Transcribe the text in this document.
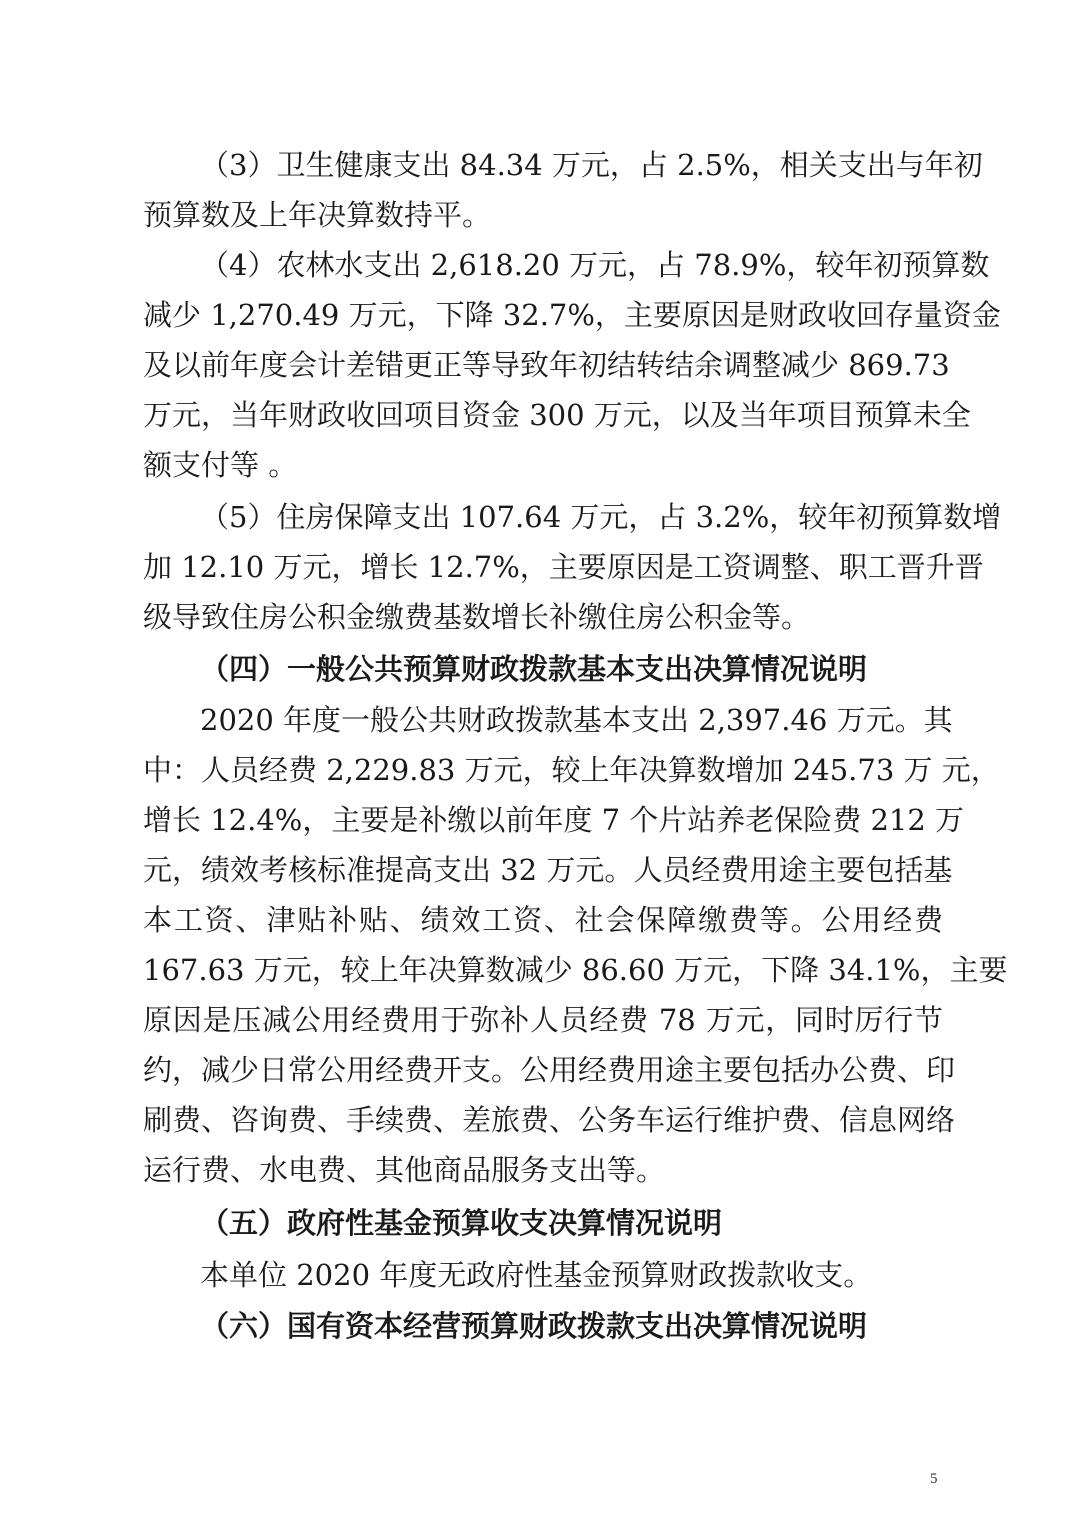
（3）卫生健康支出 84.34 万元，占 2.5%，相关支出与年初
预算数及上年决算数持平。
（4）农林水支出 2,618.20 万元，占 78.9%，较年初预算数
减少 1,270.49 万元，下降 32.7%，主要原因是财政收回存量资金
及以前年度会计差错更正等导致年初结转结余调整减少 869.73
万元，当年财政收回项目资金 300 万元，以及当年项目预算未全
额支付等 。
（5）住房保障支出 107.64 万元，占 3.2%，较年初预算数增
加 12.10 万元，增长 12.7%，主要原因是工资调整、职工晋升晋
级导致住房公积金缴费基数增长补缴住房公积金等。
（四）一般公共预算财政拨款基本支出决算情况说明
2020 年度一般公共财政拨款基本支出 2,397.46 万元。其
中：人员经费 2,229.83 万元，较上年决算数增加 245.73 万 元，
增长 12.4%，主要是补缴以前年度 7 个片站养老保险费 212 万
元，绩效考核标准提高支出 32 万元。人员经费用途主要包括基
本工资、津贴补贴、绩效工资、社会保障缴费等。公用经费
167.63 万元，较上年决算数减少 86.60 万元，下降 34.1%，主要
原因是压减公用经费用于弥补人员经费 78 万元，同时厉行节
约，减少日常公用经费开支。公用经费用途主要包括办公费、印
刷费、咨询费、手续费、差旅费、公务车运行维护费、信息网络
运行费、水电费、其他商品服务支出等。
（五）政府性基金预算收支决算情况说明
本单位 2020 年度无政府性基金预算财政拨款收支。
（六）国有资本经营预算财政拨款支出决算情况说明
5
